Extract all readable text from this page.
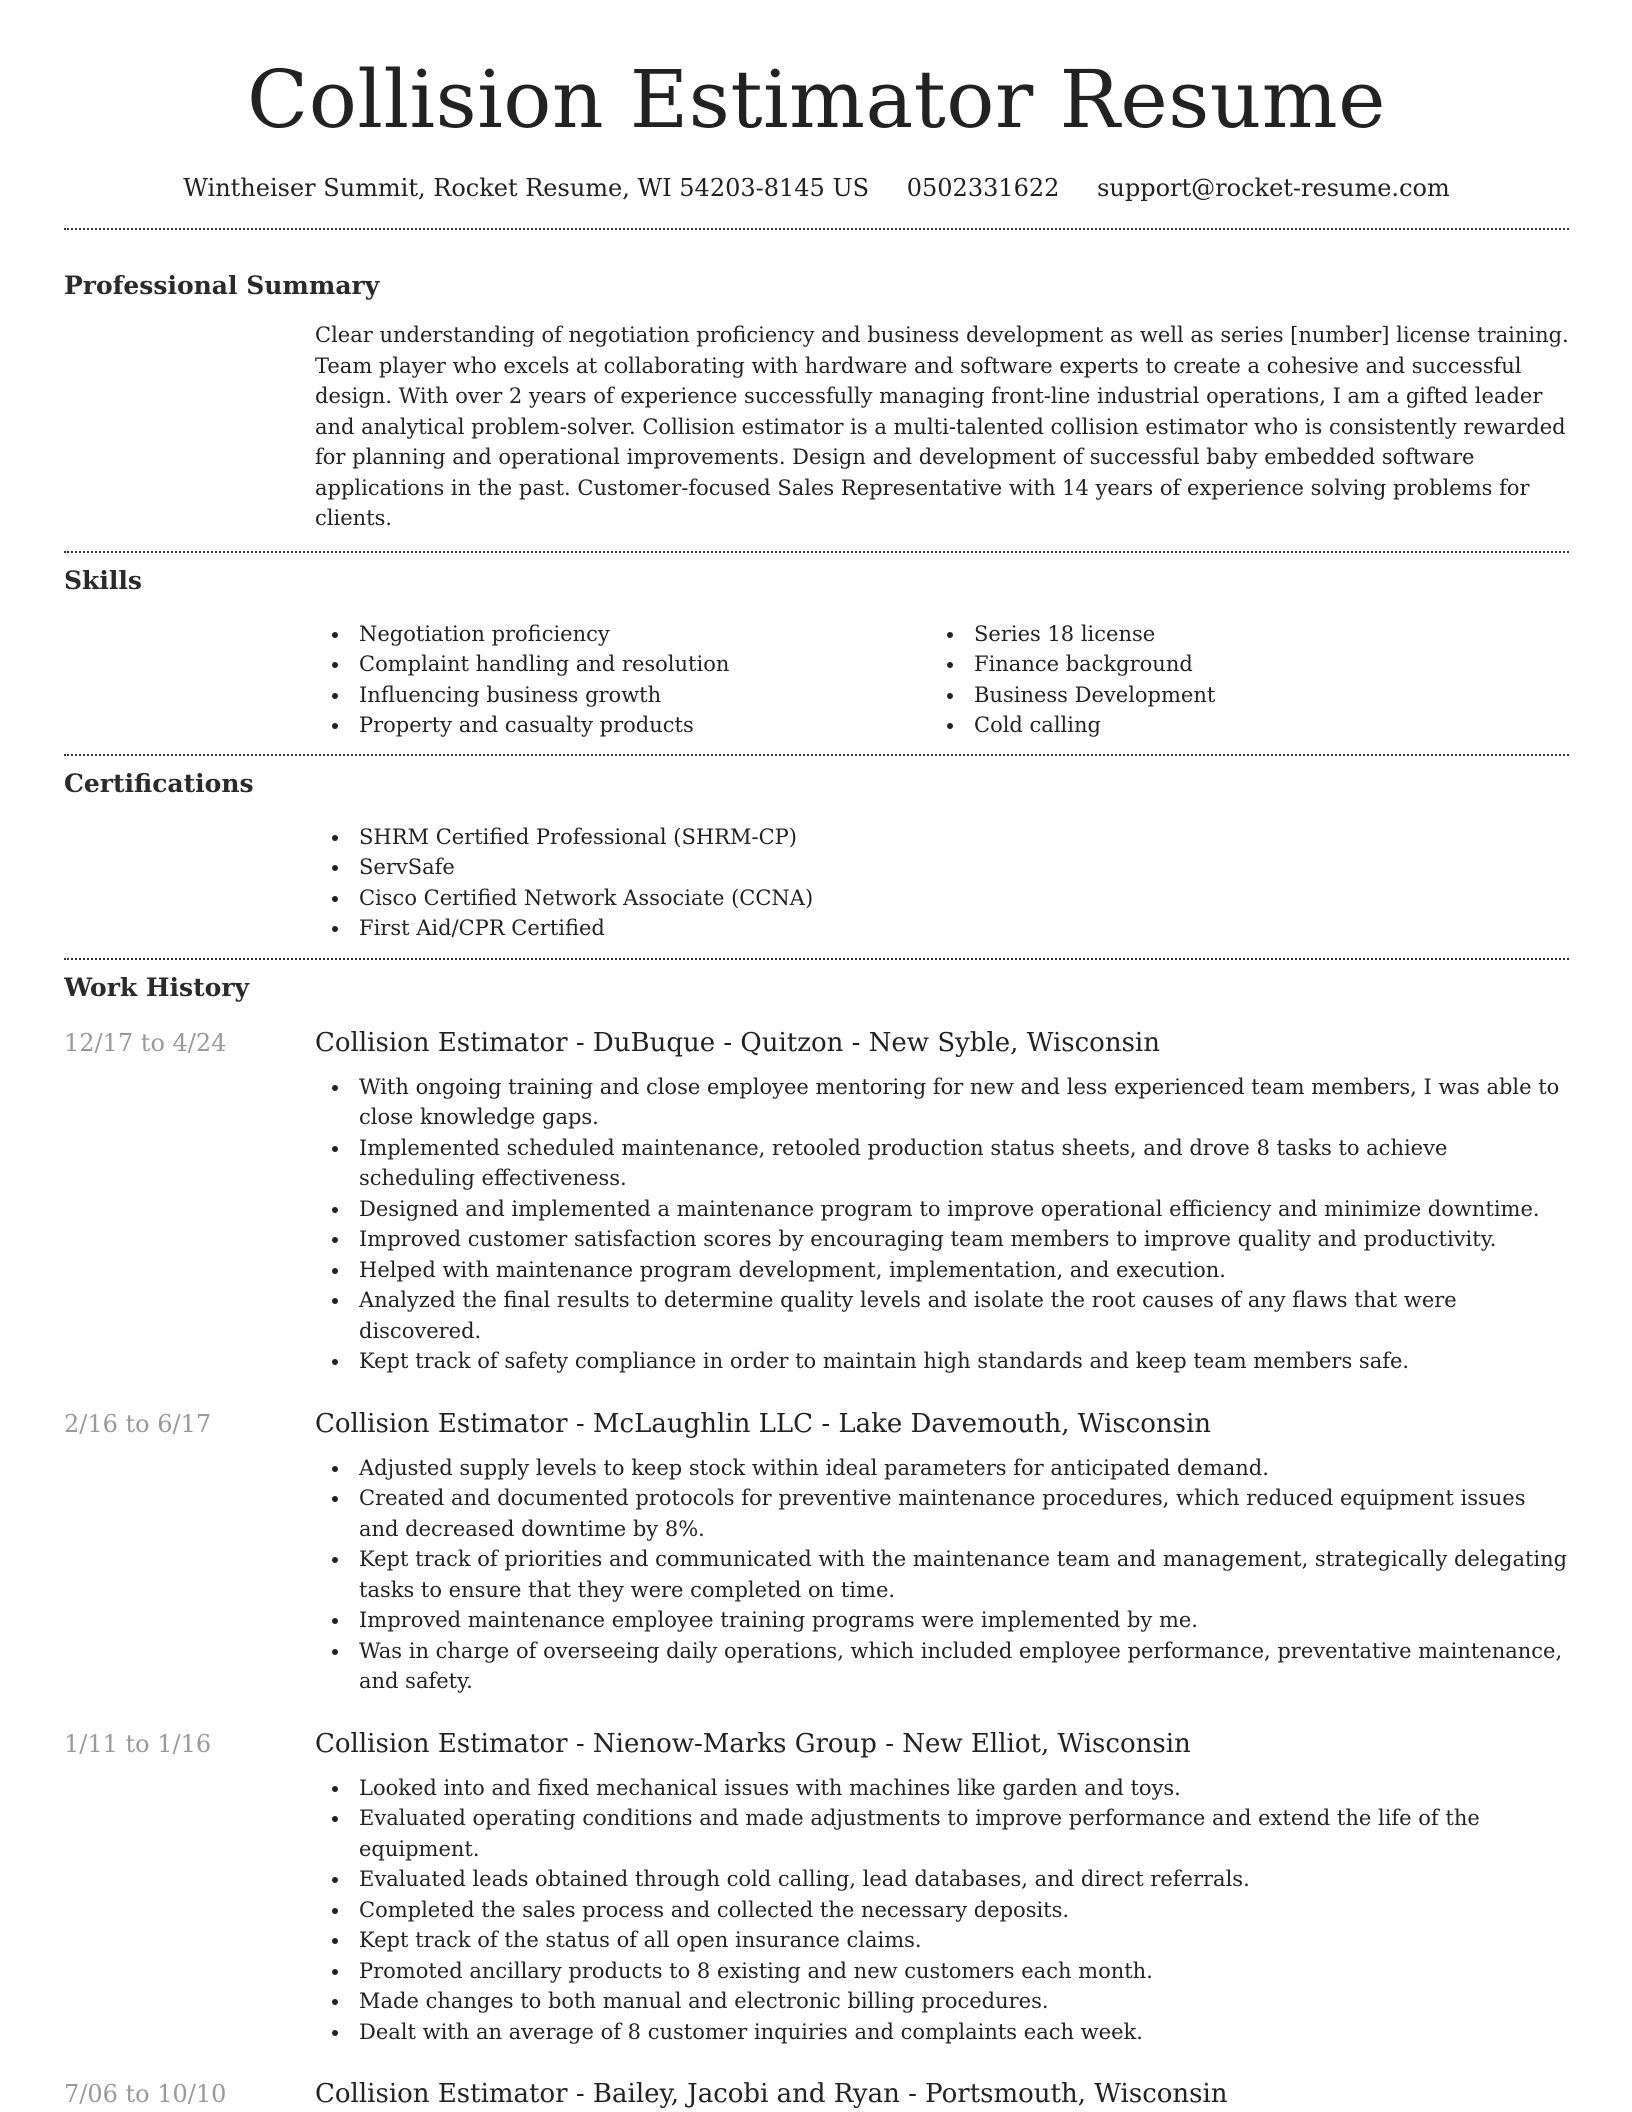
Collision Estimator Resume
Wintheiser Summit, Rocket Resume, WI 54203-8145 US 0502331622 support@rocket-resume.com
Professional Summary

Clear understanding of negotiation proficiency and business development as well as series [number] license training. Team player who excels at collaborating with hardware and software experts to create a cohesive and successful design. With over 2 years of experience successfully managing front-line industrial operations, I am a gifted leader and analytical problem-solver. Collision estimator is a multi-talented collision estimator who is consistently rewarded for planning and operational improvements. Design and development of successful baby embedded software applications in the past. Customer-focused Sales Representative with 14 years of experience solving problems for clients.

Skills
Negotiation proficiency
Complaint handling and resolution
Influencing business growth
Property and casualty products
Series 18 license
Finance background
Business Development
Cold calling
Certifications
SHRM Certified Professional (SHRM-CP)
ServSafe
Cisco Certified Network Associate (CCNA)
First Aid/CPR Certified
Work History
12/17 to 4/24	Collision Estimator - DuBuque - Quitzon - New Syble, Wisconsin
With ongoing training and close employee mentoring for new and less experienced team members, I was able to close knowledge gaps.
Implemented scheduled maintenance, retooled production status sheets, and drove 8 tasks to achieve scheduling effectiveness.
Designed and implemented a maintenance program to improve operational efficiency and minimize downtime.
Improved customer satisfaction scores by encouraging team members to improve quality and productivity.
Helped with maintenance program development, implementation, and execution.
Analyzed the final results to determine quality levels and isolate the root causes of any flaws that were discovered.
Kept track of safety compliance in order to maintain high standards and keep team members safe.
2/16 to 6/17	Collision Estimator - McLaughlin LLC - Lake Davemouth, Wisconsin
Adjusted supply levels to keep stock within ideal parameters for anticipated demand.
Created and documented protocols for preventive maintenance procedures, which reduced equipment issues and decreased downtime by 8%.
Kept track of priorities and communicated with the maintenance team and management, strategically delegating tasks to ensure that they were completed on time.
Improved maintenance employee training programs were implemented by me.
Was in charge of overseeing daily operations, which included employee performance, preventative maintenance, and safety.
1/11 to 1/16	Collision Estimator - Nienow-Marks Group - New Elliot, Wisconsin
Looked into and fixed mechanical issues with machines like garden and toys.
Evaluated operating conditions and made adjustments to improve performance and extend the life of the equipment.
Evaluated leads obtained through cold calling, lead databases, and direct referrals.
Completed the sales process and collected the necessary deposits.
Kept track of the status of all open insurance claims.
Promoted ancillary products to 8 existing and new customers each month.
Made changes to both manual and electronic billing procedures.
Dealt with an average of 8 customer inquiries and complaints each week.
7/06 to 10/10	Collision Estimator - Bailey, Jacobi and Ryan - Portsmouth, Wisconsin
